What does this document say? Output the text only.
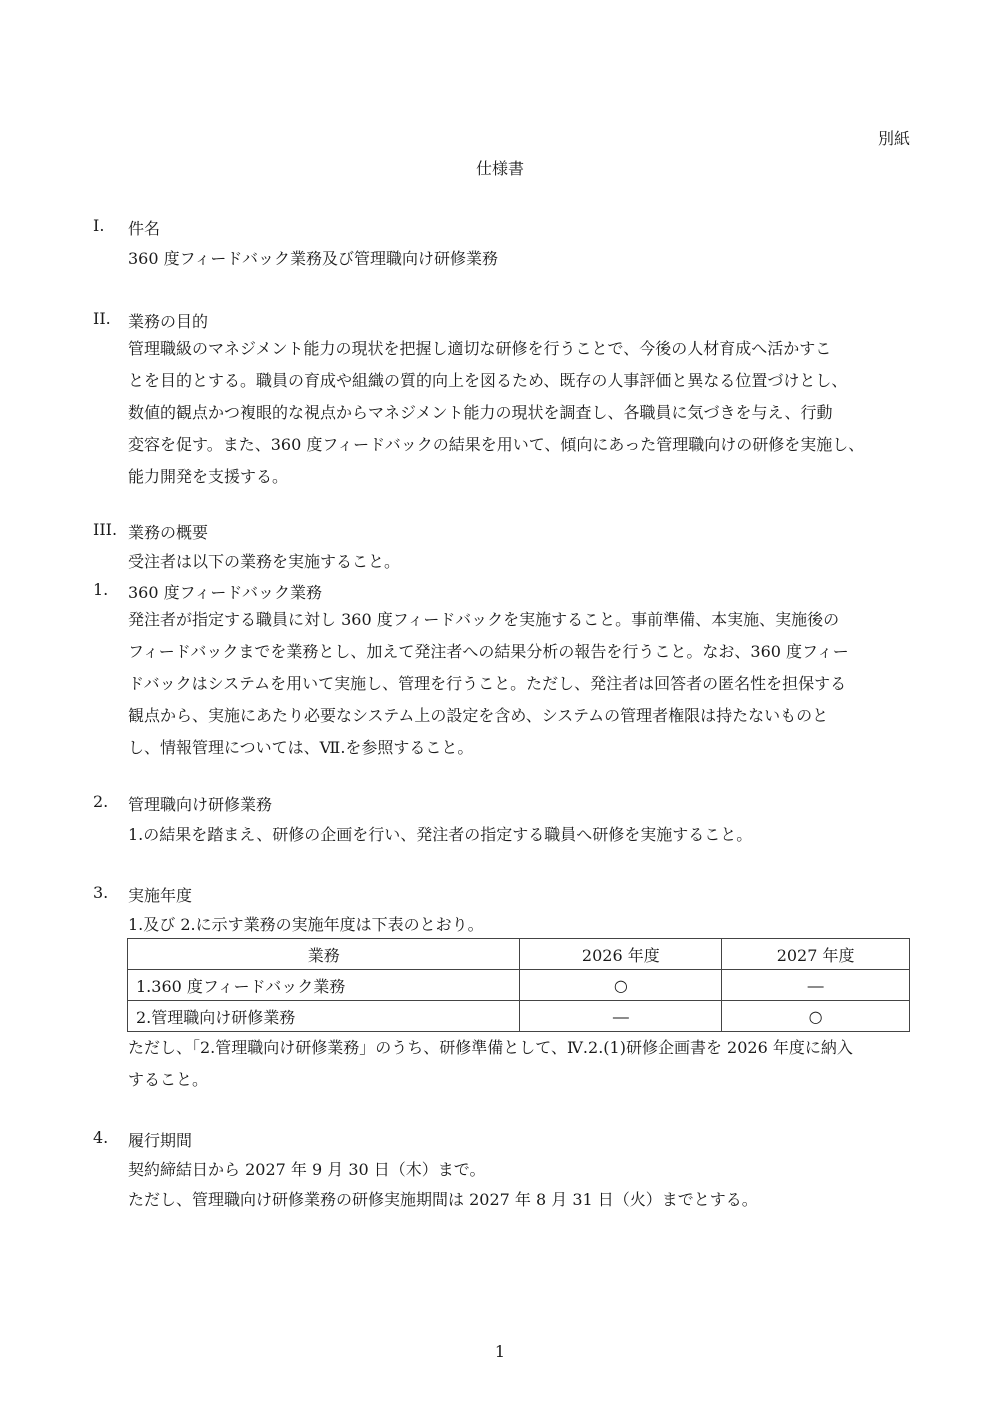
別紙
仕様書
I. 件名
360 度フィードバック業務及び管理職向け研修業務
II. 業務の目的
管理職級のマネジメント能力の現状を把握し適切な研修を行うことで、今後の人材育成へ活かすこ
とを目的とする。職員の育成や組織の質的向上を図るため、既存の人事評価と異なる位置づけとし、
数値的観点かつ複眼的な視点からマネジメント能力の現状を調査し、各職員に気づきを与え、行動
変容を促す。また、360 度フィードバックの結果を用いて、傾向にあった管理職向けの研修を実施し、
能力開発を支援する。
III. 業務の概要
受注者は以下の業務を実施すること。
1. 360 度フィードバック業務
発注者が指定する職員に対し 360 度フィードバックを実施すること。事前準備、本実施、実施後の
フィードバックまでを業務とし、加えて発注者への結果分析の報告を行うこと。なお、360 度フィー
ドバックはシステムを用いて実施し、管理を行うこと。ただし、発注者は回答者の匿名性を担保する
観点から、実施にあたり必要なシステム上の設定を含め、システムの管理者権限は持たないものと
し、情報管理については、Ⅶ.を参照すること。
2. 管理職向け研修業務
1.の結果を踏まえ、研修の企画を行い、発注者の指定する職員へ研修を実施すること。
3. 実施年度
1.及び 2.に示す業務の実施年度は下表のとおり。
業務	2026 年度	2027 年度
1.360 度フィードバック業務	○	―
2.管理職向け研修業務	―	○
ただし、「2.管理職向け研修業務」のうち、研修準備として、Ⅳ.2.(1)研修企画書を 2026 年度に納入
すること。
4. 履行期間
契約締結日から 2027 年 9 月 30 日（木）まで。
ただし、管理職向け研修業務の研修実施期間は 2027 年 8 月 31 日（火）までとする。
1
